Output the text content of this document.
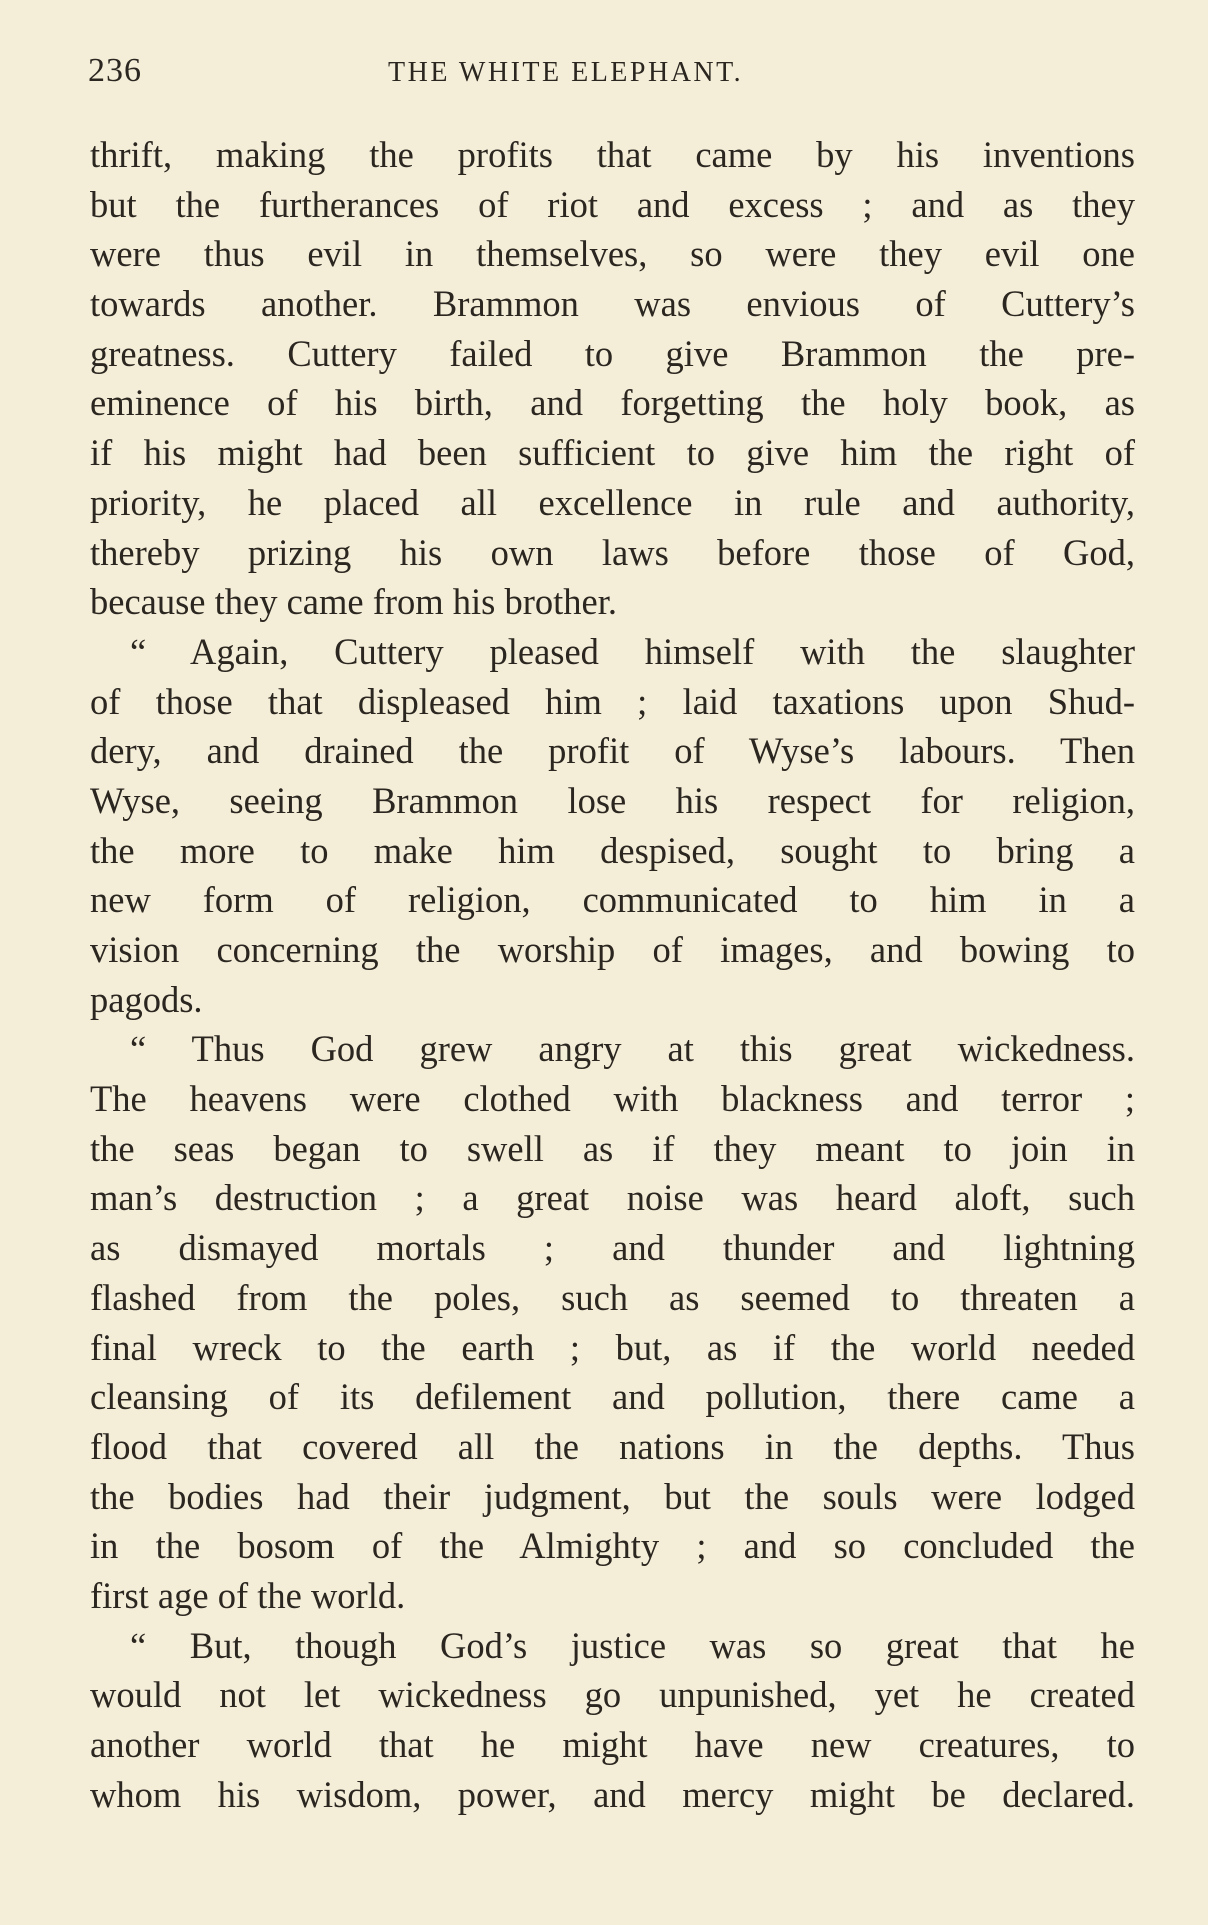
236	THE WHITE ELEPHANT.
thrift, making the profits that came by his inventions
but the furtherances of riot and excess ; and as they
were thus evil in themselves, so were they evil one
towards another. Brammon was envious of Cuttery’s
greatness. Cuttery failed to give Brammon the pre-
eminence of his birth, and forgetting the holy book, as
if his might had been sufficient to give him the right of
priority, he placed all excellence in rule and authority,
thereby prizing his own laws before those of God,
because they came from his brother.
“ Again, Cuttery pleased himself with the slaughter
of those that displeased him ; laid taxations upon Shud-
dery, and drained the profit of Wyse’s labours. Then
Wyse, seeing Brammon lose his respect for religion,
the more to make him despised, sought to bring a
new form of religion, communicated to him in a
vision concerning the worship of images, and bowing to
pagods.
“ Thus God grew angry at this great wickedness.
The heavens were clothed with blackness and terror ;
the seas began to swell as if they meant to join in
man’s destruction ; a great noise was heard aloft, such
as dismayed mortals ; and thunder and lightning
flashed from the poles, such as seemed to threaten a
final wreck to the earth ; but, as if the world needed
cleansing of its defilement and pollution, there came a
flood that covered all the nations in the depths. Thus
the bodies had their judgment, but the souls were lodged
in the bosom of the Almighty ; and so concluded the
first age of the world.
“ But, though God’s justice was so great that he
would not let wickedness go unpunished, yet he created
another world that he might have new creatures, to
whom his wisdom, power, and mercy might be declared.
